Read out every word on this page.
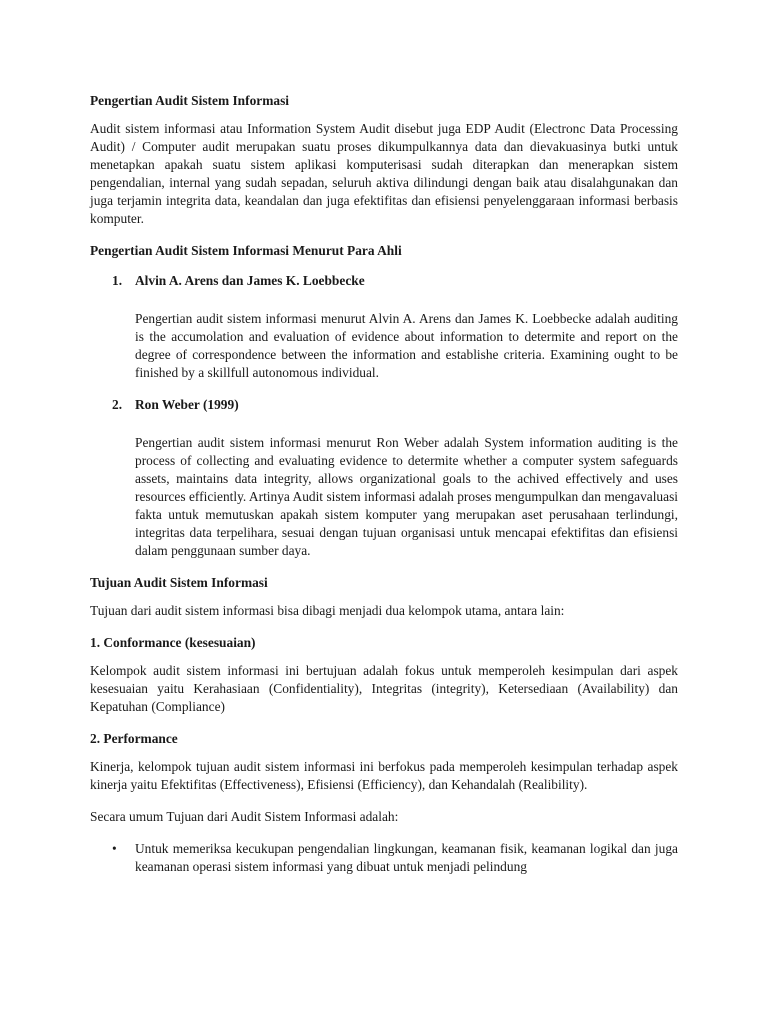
Pengertian Audit Sistem Informasi

Audit sistem informasi atau Information System Audit disebut juga EDP Audit (Electronc Data Processing Audit) / Computer audit merupakan suatu proses dikumpulkannya data dan dievakuasinya butki untuk menetapkan apakah suatu sistem aplikasi komputerisasi sudah diterapkan dan menerapkan sistem pengendalian, internal yang sudah sepadan, seluruh aktiva dilindungi dengan baik atau disalahgunakan dan juga terjamin integrita data, keandalan dan juga efektifitas dan efisiensi penyelenggaraan informasi berbasis komputer.

Pengertian Audit Sistem Informasi Menurut Para Ahli
1. Alvin A. Arens dan James K. Loebbecke

Pengertian audit sistem informasi menurut Alvin A. Arens dan James K. Loebbecke adalah auditing is the accumolation and evaluation of evidence about information to determite and report on the degree of correspondence between the information and establishe criteria. Examining ought to be finished by a skillfull autonomous individual.

2. Ron Weber (1999)

Pengertian audit sistem informasi menurut Ron Weber adalah System information auditing is the process of collecting and evaluating evidence to determite whether a computer system safeguards assets, maintains data integrity, allows organizational goals to the achived effectively and uses resources efficiently. Artinya Audit sistem informasi adalah proses mengumpulkan dan mengavaluasi fakta untuk memutuskan apakah sistem komputer yang merupakan aset perusahaan terlindungi, integritas data terpelihara, sesuai dengan tujuan organisasi untuk mencapai efektifitas dan efisiensi dalam penggunaan sumber daya.

Tujuan Audit Sistem Informasi

Tujuan dari audit sistem informasi bisa dibagi menjadi dua kelompok utama, antara lain:

1. Conformance (kesesuaian)

Kelompok audit sistem informasi ini bertujuan adalah fokus untuk memperoleh kesimpulan dari aspek kesesuaian yaitu Kerahasiaan (Confidentiality), Integritas (integrity), Ketersediaan (Availability) dan Kepatuhan (Compliance)

2. Performance

Kinerja, kelompok tujuan audit sistem informasi ini berfokus pada memperoleh kesimpulan terhadap aspek kinerja yaitu Efektifitas (Effectiveness), Efisiensi (Efficiency), dan Kehandalah (Realibility).

Secara umum Tujuan dari Audit Sistem Informasi adalah:

•	Untuk memeriksa kecukupan pengendalian lingkungan, keamanan fisik, keamanan logikal dan juga keamanan operasi sistem informasi yang dibuat untuk menjadi pelindung
